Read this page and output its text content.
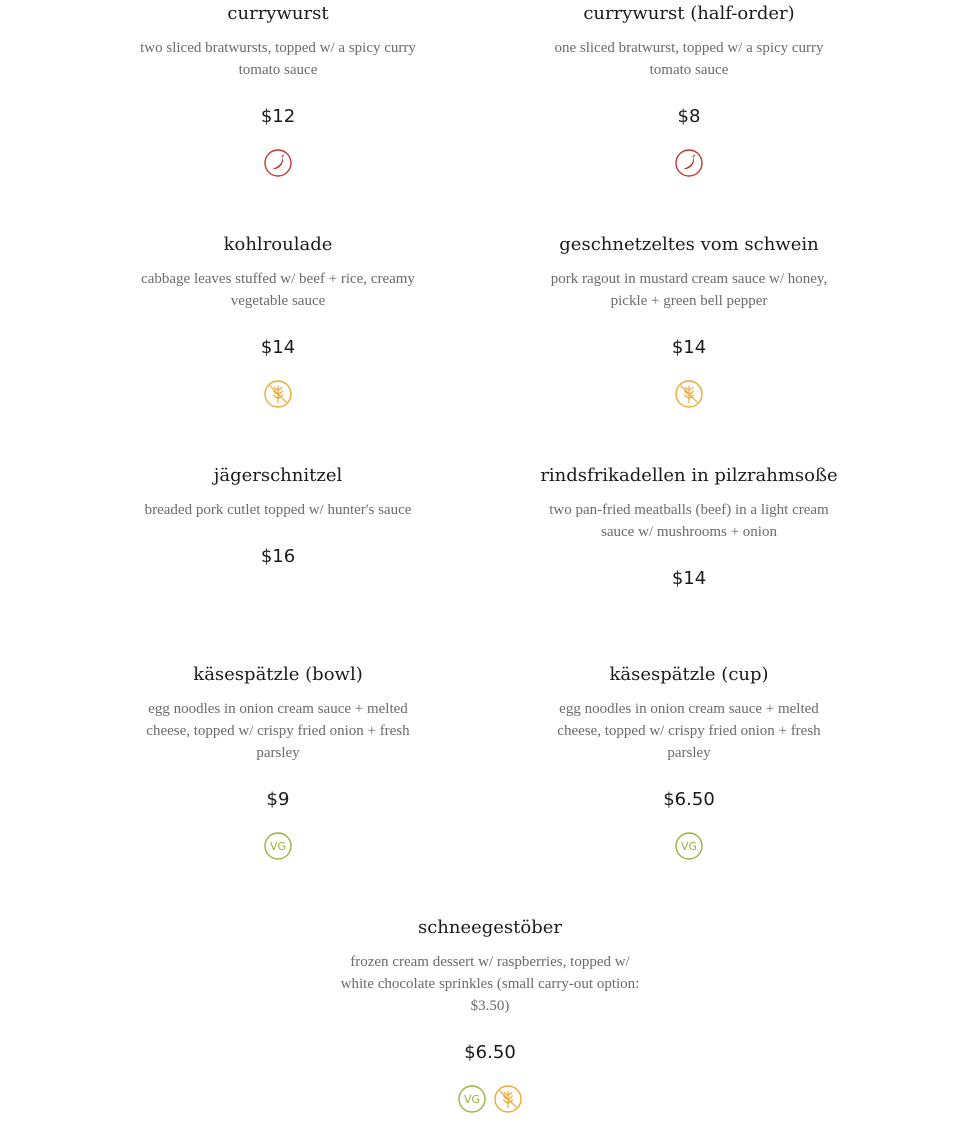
currywurst

two sliced bratwursts, topped w/ a spicy curry tomato sauce

$12
currywurst (half-order)

one sliced bratwurst, topped w/ a spicy curry tomato sauce

$8
kohlroulade

cabbage leaves stuffed w/ beef + rice, creamy vegetable sauce

$14
geschnetzeltes vom schwein

pork ragout in mustard cream sauce w/ honey, pickle + green bell pepper

$14
jägerschnitzel

breaded pork cutlet topped w/ hunter's sauce

$16
rindsfrikadellen in pilzrahmsoße

two pan-fried meatballs (beef) in a light cream sauce w/ mushrooms + onion

$14
käsespätzle (bowl)

egg noodles in onion cream sauce + melted cheese, topped w/ crispy fried onion + fresh parsley

$9
VG
käsespätzle (cup)

egg noodles in onion cream sauce + melted cheese, topped w/ crispy fried onion + fresh parsley

$6.50
VG
schneegestöber

frozen cream dessert w/ raspberries, topped w/ white chocolate sprinkles (small carry-out option: $3.50)

$6.50
VG
